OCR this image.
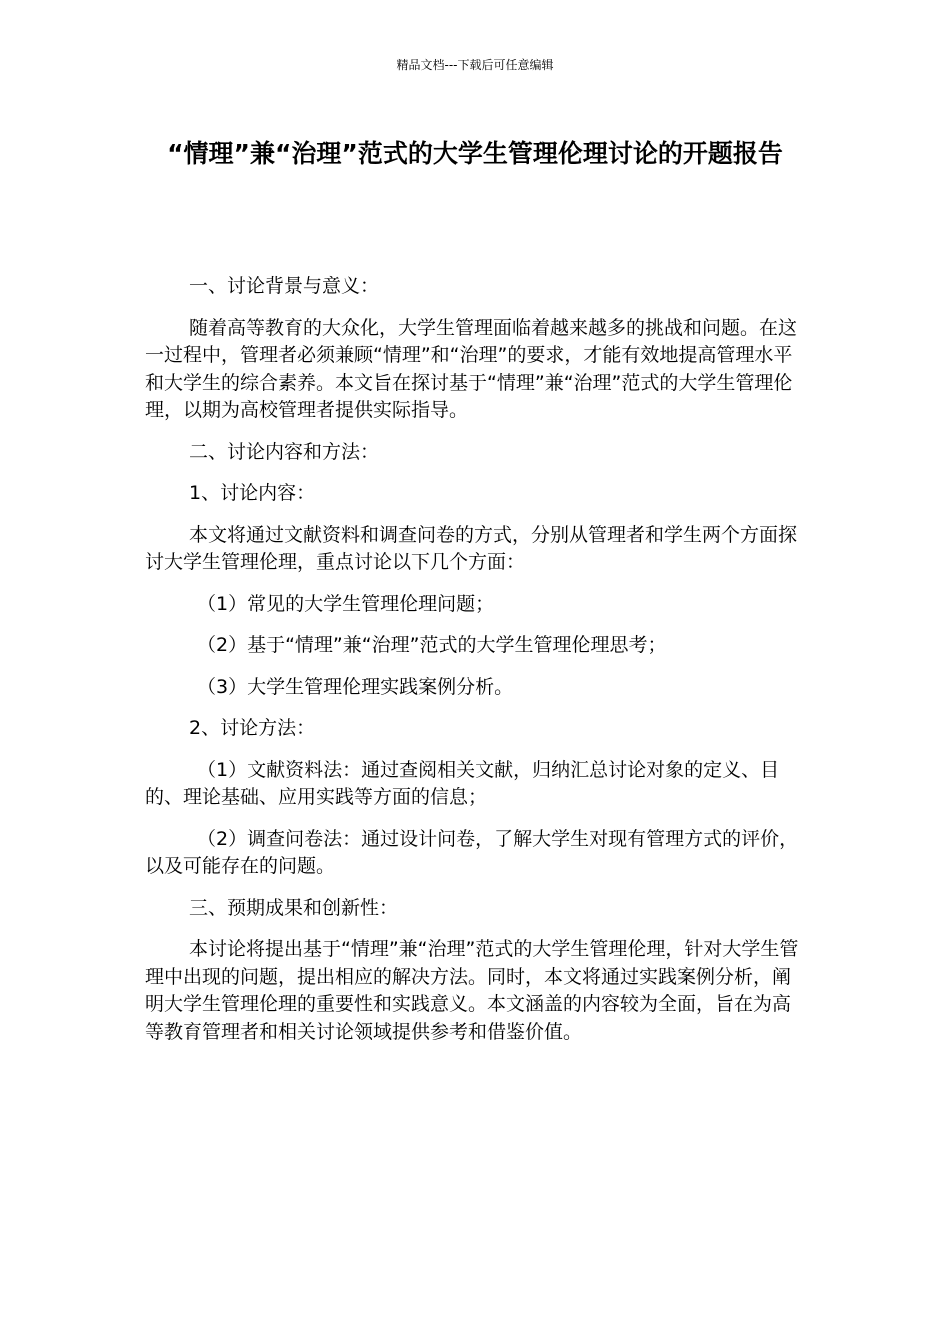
精品文档---下载后可任意编辑
“情理”兼“治理”范式的大学生管理伦理讨论的开题报告

一、讨论背景与意义：

随着高等教育的大众化，大学生管理面临着越来越多的挑战和问题。在这一过程中，管理者必须兼顾“情理”和“治理”的要求，才能有效地提高管理水平和大学生的综合素养。本文旨在探讨基于“情理”兼“治理”范式的大学生管理伦理，以期为高校管理者提供实际指导。

二、讨论内容和方法：

1、讨论内容：

本文将通过文献资料和调查问卷的方式，分别从管理者和学生两个方面探讨大学生管理伦理，重点讨论以下几个方面：

（1）常见的大学生管理伦理问题；

（2）基于“情理”兼“治理”范式的大学生管理伦理思考；

（3）大学生管理伦理实践案例分析。

2、讨论方法：

（1）文献资料法：通过查阅相关文献，归纳汇总讨论对象的定义、目的、理论基础、应用实践等方面的信息；

（2）调查问卷法：通过设计问卷，了解大学生对现有管理方式的评价，以及可能存在的问题。

三、预期成果和创新性：

本讨论将提出基于“情理”兼“治理”范式的大学生管理伦理，针对大学生管理中出现的问题，提出相应的解决方法。同时，本文将通过实践案例分析，阐明大学生管理伦理的重要性和实践意义。本文涵盖的内容较为全面，旨在为高等教育管理者和相关讨论领域提供参考和借鉴价值。
